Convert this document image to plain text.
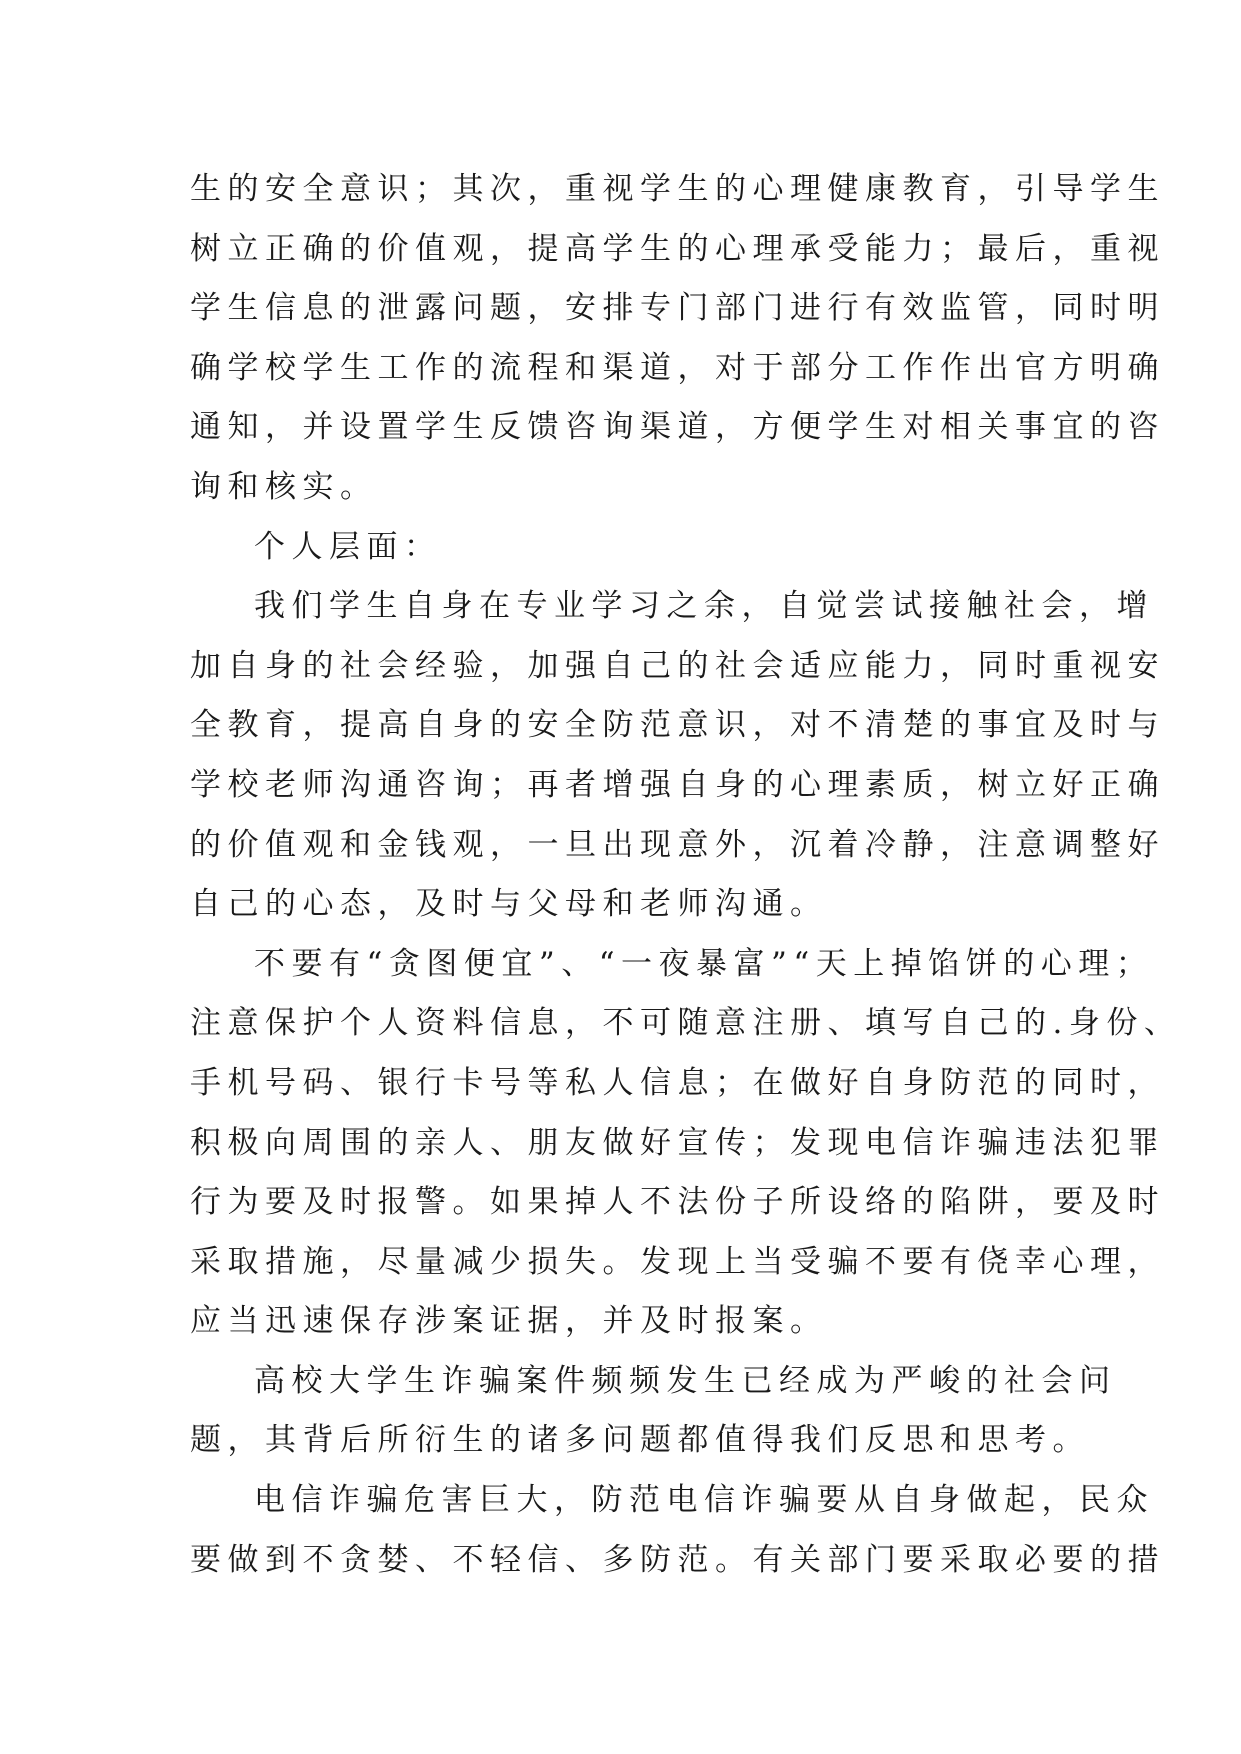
生的安全意识；其次，重视学生的心理健康教育，引导学生
树立正确的价值观，提高学生的心理承受能力；最后，重视
学生信息的泄露问题，安排专门部门进行有效监管，同时明
确学校学生工作的流程和渠道，对于部分工作作出官方明确
通知，并设置学生反馈咨询渠道，方便学生对相关事宜的咨
询和核实。
个人层面：
我们学生自身在专业学习之余，自觉尝试接触社会，增
加自身的社会经验，加强自己的社会适应能力，同时重视安
全教育，提高自身的安全防范意识，对不清楚的事宜及时与
学校老师沟通咨询；再者增强自身的心理素质，树立好正确
的价值观和金钱观，一旦出现意外，沉着冷静，注意调整好
自己的心态，及时与父母和老师沟通。
不要有“贪图便宜”、“一夜暴富”“天上掉馅饼的心理；
注意保护个人资料信息，不可随意注册、填写自己的.身份、
手机号码、银行卡号等私人信息；在做好自身防范的同时，
积极向周围的亲人、朋友做好宣传；发现电信诈骗违法犯罪
行为要及时报警。如果掉人不法份子所设络的陷阱，要及时
采取措施，尽量减少损失。发现上当受骗不要有侥幸心理，
应当迅速保存涉案证据，并及时报案。
高校大学生诈骗案件频频发生已经成为严峻的社会问
题，其背后所衍生的诸多问题都值得我们反思和思考。
电信诈骗危害巨大，防范电信诈骗要从自身做起，民众
要做到不贪婪、不轻信、多防范。有关部门要采取必要的措
